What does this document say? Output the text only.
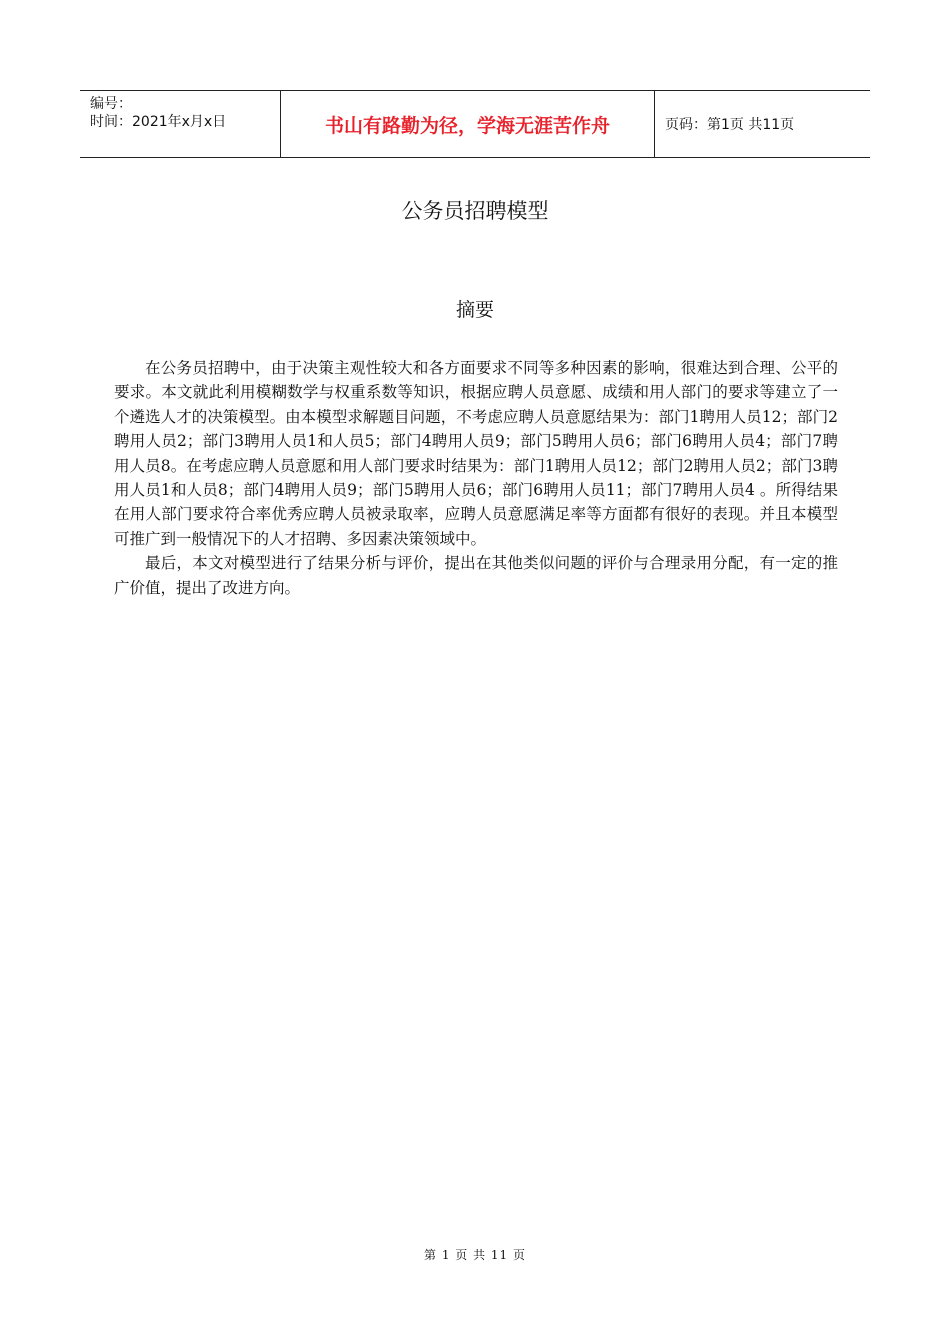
编号：
时间：2021年x月x日	书山有路勤为径，学海无涯苦作舟	页码：第1页 共11页
公务员招聘模型
摘要

在公务员招聘中，由于决策主观性较大和各方面要求不同等多种因素的影响，很难达到合理、公平的要求。本文就此利用模糊数学与权重系数等知识，根据应聘人员意愿、成绩和用人部门的要求等建立了一个遴选人才的决策模型。由本模型求解题目问题，不考虑应聘人员意愿结果为：部门1聘用人员12；部门2聘用人员2；部门3聘用人员1和人员5；部门4聘用人员9；部门5聘用人员6；部门6聘用人员4；部门7聘用人员8。在考虑应聘人员意愿和用人部门要求时结果为：部门1聘用人员12；部门2聘用人员2；部门3聘用人员1和人员8；部门4聘用人员9；部门5聘用人员6；部门6聘用人员11；部门7聘用人员4 。所得结果在用人部门要求符合率优秀应聘人员被录取率，应聘人员意愿满足率等方面都有很好的表现。并且本模型可推广到一般情况下的人才招聘、多因素决策领域中。

最后，本文对模型进行了结果分析与评价，提出在其他类似问题的评价与合理录用分配，有一定的推广价值，提出了改进方向。

第 1 页 共 11 页
